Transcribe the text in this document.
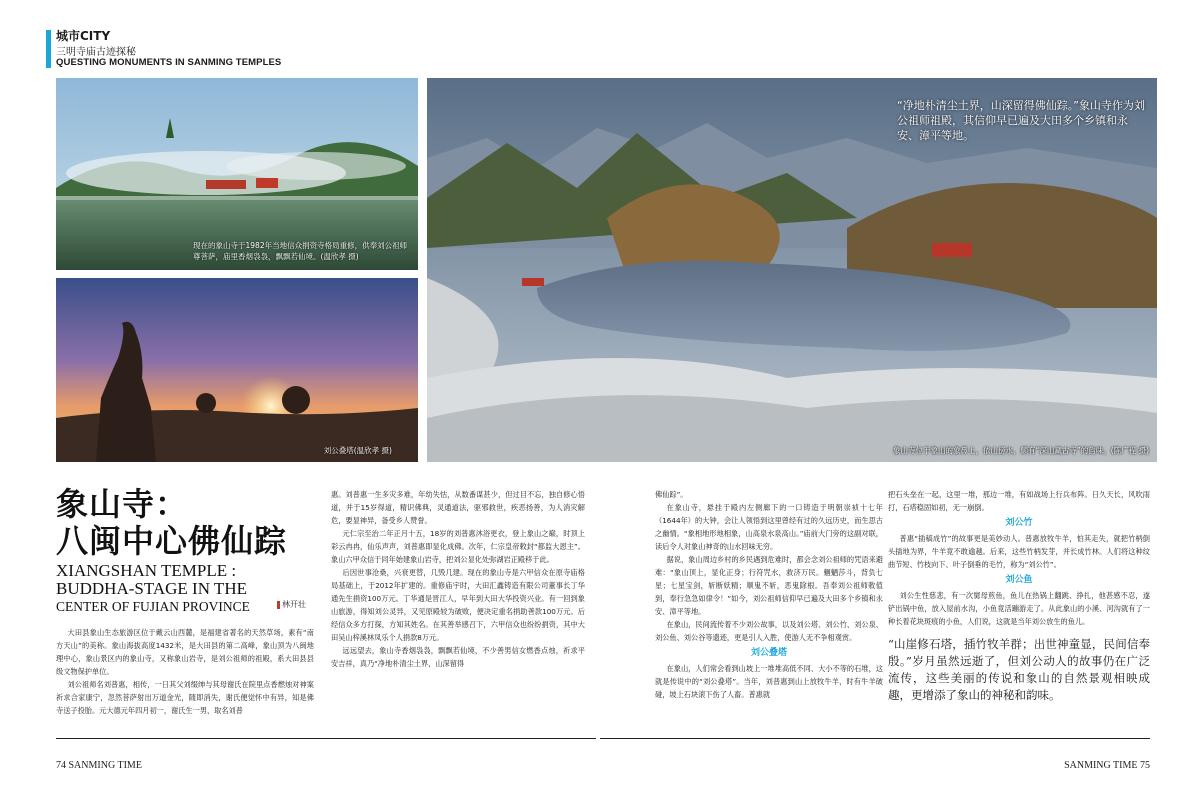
城市CITY
三明寺庙古迹探秘
QUESTING MONUMENTS IN SANMING TEMPLES
现在的象山寺于1982年当地信众捐资寺格局重修，供奉刘公祖师尊菩萨，庙里香烟袅袅，飘飘若仙境。(温欣孝 摄)
刘公叠塔(温欣孝 摄)
“净地朴清尘土界，山深留得佛仙踪。”象山寺作为刘公祖师祖殿，其信仰早已遍及大田多个乡镇和永安、漳平等地。
象山寺位于象山的象鼻上，依山傍水，颇有“深山藏古寺”的韵味。(陈广程 摄)
象山寺：
八闽中心佛仙踪
XIANGSHAN TEMPLE :
BUDDHA-STAGE IN THE
CENTER OF FUJIAN PROVINCE	林开壮

大田县象山生态旅游区位于戴云山西麓，是福建省著名的天然草场，素有“南方天山”的美称。象山海拔高度1432米，是大田县的第二高峰，象山顶为八闽地理中心，象山景区内的象山寺，又称象山岩寺，是刘公祖师的祖殿，系大田县县级文物保护单位。

刘公祖师名刘普惠，相传，一日其父刘缀绅与其母谢氏在院里点香燃烛对神案祈求合家康宁，忽然菩萨射出万道金光，随即消失，谢氏便觉怀中有异，知是佛寺送子投胎。元大德元年四月初一，谢氏生一男，取名刘普

惠。刘普惠一生多灾多难，年幼失怙，从数番谋甚少，但过目不忘，独自修心悟道，并于15岁得道，精识佛典，灵通道法，驱邪救世，疾恶扬善，为人消灾解危，要显神异，备受乡人赞誉。

元仁宗至治二年正月十五，18岁的刘普惠沐浴更衣，登上象山之巅，时顶上彩云冉冉，仙乐声声，刘普惠即显化成佛。次年，仁宗皇帝敕封“都监大恩主”。象山六甲众信于同年始建象山岩寺，把刘公显化处弥湖岩正殿移于此。

后因世事沧桑，兴衰更替，几毁几建。现在的象山寺是六甲信众在原寺庙格局基础上，于2012年扩建的。重修庙宇时，大田汇鑫铸造有限公司董事长丁华通先生捐资100万元。丁华通是晋江人，早年到大田大华投资兴业。有一回到象山旅游，得知刘公灵异，又见原殿较为破败，便决定重名捐助善款100万元。后经信众多方打探，方知其姓名。在其善举感召下，六甲信众也纷纷捐资，其中大田吴山梓溪林凤乐个人捐款8万元。

远远望去，象山寺香烟袅袅，飘飘若仙境，不少善男信女燃香点烛，祈求平安吉祥，真乃“净地朴清尘土界，山深留得

佛仙踪”。

在象山寺，悬挂于殿内左侧廊下的一口铸造于明朝崇祯十七年（1644年）的大钟，会让人领悟到这里曾经有过的久远历史，而生思古之幽情。“象相地形地相象，山高泉水泉高山。”庙前大门旁的这副对联，读后令人对象山神奇的山水回味无穷。

据说，象山周边乡村的乡民遇到危难时，都会念刘公祖师的咒语来避难：“象山顶上，显化正身；行符咒水，救济万民。魍魉莎斗，背负七星；七星宝剑，斩断妖精；顺鬼不斩，恶鬼除根。吾奉刘公祖师敕值到，奉行急急如律令！”如今，刘公祖师信仰早已遍及大田多个乡镇和永安、漳平等地。

在象山，民间流传着不少刘公故事，以及刘公塔、刘公竹、刘公泉、刘公鱼、刘公谷等遗迹，更是引人入胜，使游人无不争相观赏。

刘公叠塔

在象山，人们常会看到山坡上一堆堆高低不同、大小不等的石堆，这就是传说中的“刘公叠塔”。当年，刘普惠到山上放牧牛羊，时有牛羊破碰，坡上石块滚下伤了人畜。普惠就

把石头垒在一起，这里一堆，那边一堆，有如战场上行兵布阵。日久天长，风吹雨打，石塔稳固如初，无一崩倒。

刘公竹

普惠“插稿成竹”的故事更是美妙动人。普惠放牧牛羊，怕其走失，就把竹柄倒头插地为界，牛羊竟不敢逾越。后来，这些竹柄发芽，并长成竹林。人们将这种纹曲节短、竹枝向下、叶子倒垂的毛竹，称为“刘公竹”。

刘公鱼

刘公生性慈悲，有一次舅母煎鱼，鱼儿在热锅上翻跳、挣扎，他甚感不忍，遂铲出锅中鱼，放入屋前水沟，小鱼竟活蹦游走了。从此象山的小溪、河沟就有了一种长着花块斑痕的小鱼，人们说，这就是当年刘公放生的鱼儿。

“山崖修石塔，插竹牧羊群；出世神童显，民间信奉殷。”岁月虽然远逝了，但刘公动人的故事仍在广泛流传，这些美丽的传说和象山的自然景观相映成趣，更增添了象山的神秘和韵味。

74 SANMING TIME	SANMING TIME 75
